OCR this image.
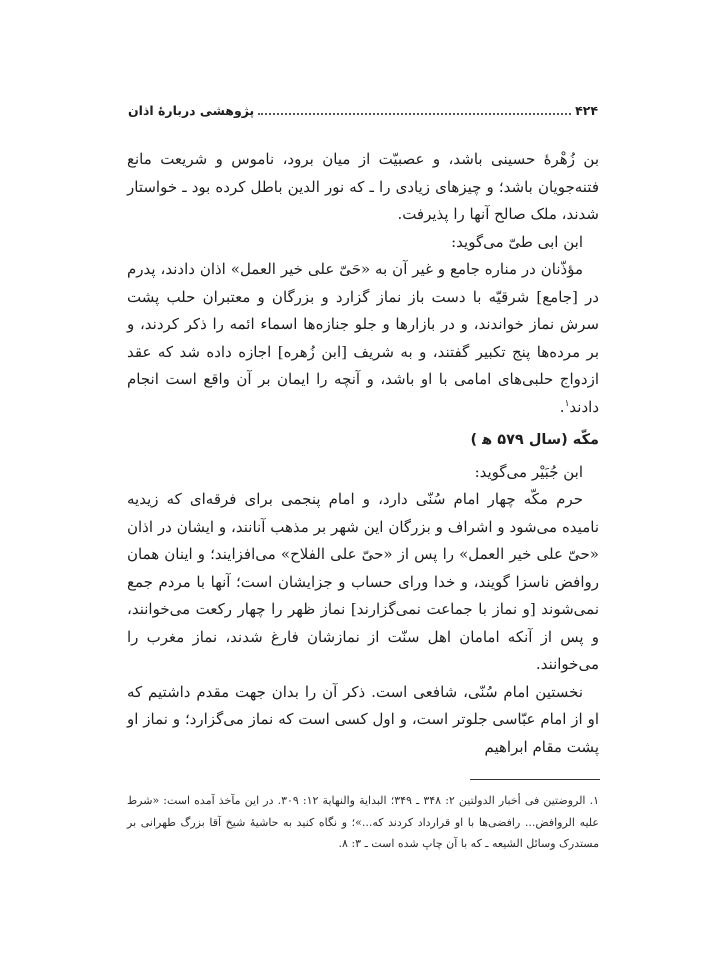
۴۲۴
پژوهشی دربارهٔ اذان

بن زُهْرهٔ حسینی باشد، و عصبیّت از میان برود، ناموس و شریعت مانع فتنه‌جویان باشد؛ و چیزهای زیادی را ـ که نور الدین باطل کرده بود ـ خواستار شدند، ملک صالح آنها را پذیرفت.

ابن ابی طیّ می‌گوید:

مؤذّنان در مناره جامع و غیر آن به «حَیّ علی خیر العمل» اذان دادند، پدرم در [جامع] شرقیّه با دست باز نماز گزارد و بزرگان و معتبران حلب پشت سرش نماز خواندند، و در بازارها و جلو جنازه‌ها اسماء ائمه را ذکر کردند، و بر مرده‌ها پنج تکبیر گفتند، و به شریف [ابن زُهره] اجازه داده شد که عقد ازدواج حلبی‌های امامی با او باشد، و آنچه را ایمان بر آن واقع است انجام دادند$^۱$.

مکّه (سال ۵۷۹ ه‍ )

ابن جُبَیْر می‌گوید:

حرم مکّه چهار امام سُنّی دارد، و امام پنجمی برای فرقه‌ای که زیدیه نامیده می‌شود و اشراف و بزرگان این شهر بر مذهب آنانند، و ایشان در اذان «حیّ علی خیر العمل» را پس از «حیّ علی الفلاح» می‌افزایند؛ و اینان همان روافض ناسزا گویند، و خدا ورای حساب و جزایشان است؛ آنها با مردم جمع نمی‌شوند [و نماز با جماعت نمی‌گزارند] نماز ظهر را چهار رکعت می‌خوانند، و پس از آنکه امامان اهل سنّت از نمازشان فارغ شدند، نماز مغرب را می‌خوانند.

نخستین امام سُنّی، شافعی است. ذکر آن را بدان جهت مقدم داشتیم که او از امام عبّاسی جلوتر است، و اول کسی است که نماز می‌گزارد؛ و نماز او پشت مقام ابراهیم

۱. الروضتین فی أخبار الدولتین ۲: ۳۴۸ ـ ۳۴۹؛ البدایة والنهایة ۱۲: ۳۰۹. در این مآخذ آمده است: «شرط علیه الروافض... رافضی‌ها با او قرارداد کردند که...»؛ و نگاه کنید به حاشیهٔ شیخ آقا بزرگ طهرانی بر مستدرک وسائل الشیعه ـ که با آن چاپ شده است ـ ۳: ۸.
